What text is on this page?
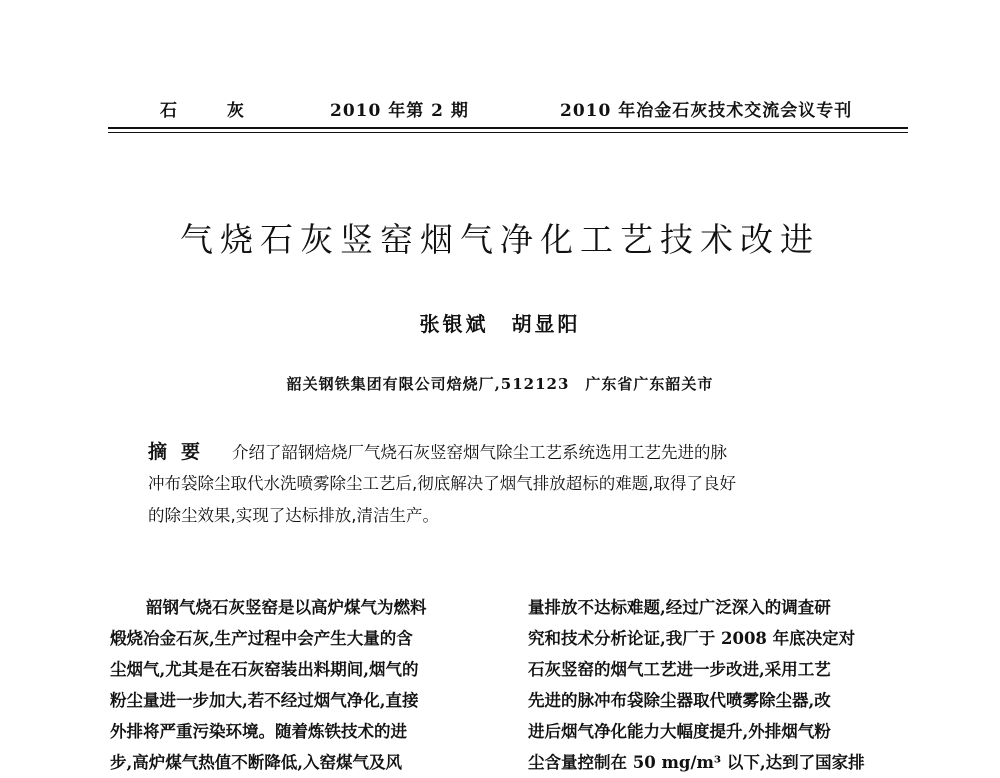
石 灰	2010 年第 2 期	2010 年冶金石灰技术交流会议专刊
气烧石灰竖窑烟气净化工艺技术改进
张银斌　胡显阳
韶关钢铁集团有限公司焙烧厂,512123　广东省广东韶关市
摘要 介绍了韶钢焙烧厂气烧石灰竖窑烟气除尘工艺系统选用工艺先进的脉
冲布袋除尘取代水洗喷雾除尘工艺后,彻底解决了烟气排放超标的难题,取得了良好
的除尘效果,实现了达标排放,清洁生产。
韶钢气烧石灰竖窑是以高炉煤气为燃料
煅烧冶金石灰,生产过程中会产生大量的含
尘烟气,尤其是在石灰窑装出料期间,烟气的
粉尘量进一步加大,若不经过烟气净化,直接
外排将严重污染环境。随着炼铁技术的进
步,高炉煤气热值不断降低,入窑煤气及风
量排放不达标难题,经过广泛深入的调查研
究和技术分析论证,我厂于 2008 年底决定对
石灰竖窑的烟气工艺进一步改进,采用工艺
先进的脉冲布袋除尘器取代喷雾除尘器,改
进后烟气净化能力大幅度提升,外排烟气粉
尘含量控制在 50 mg/m³ 以下,达到了国家排
